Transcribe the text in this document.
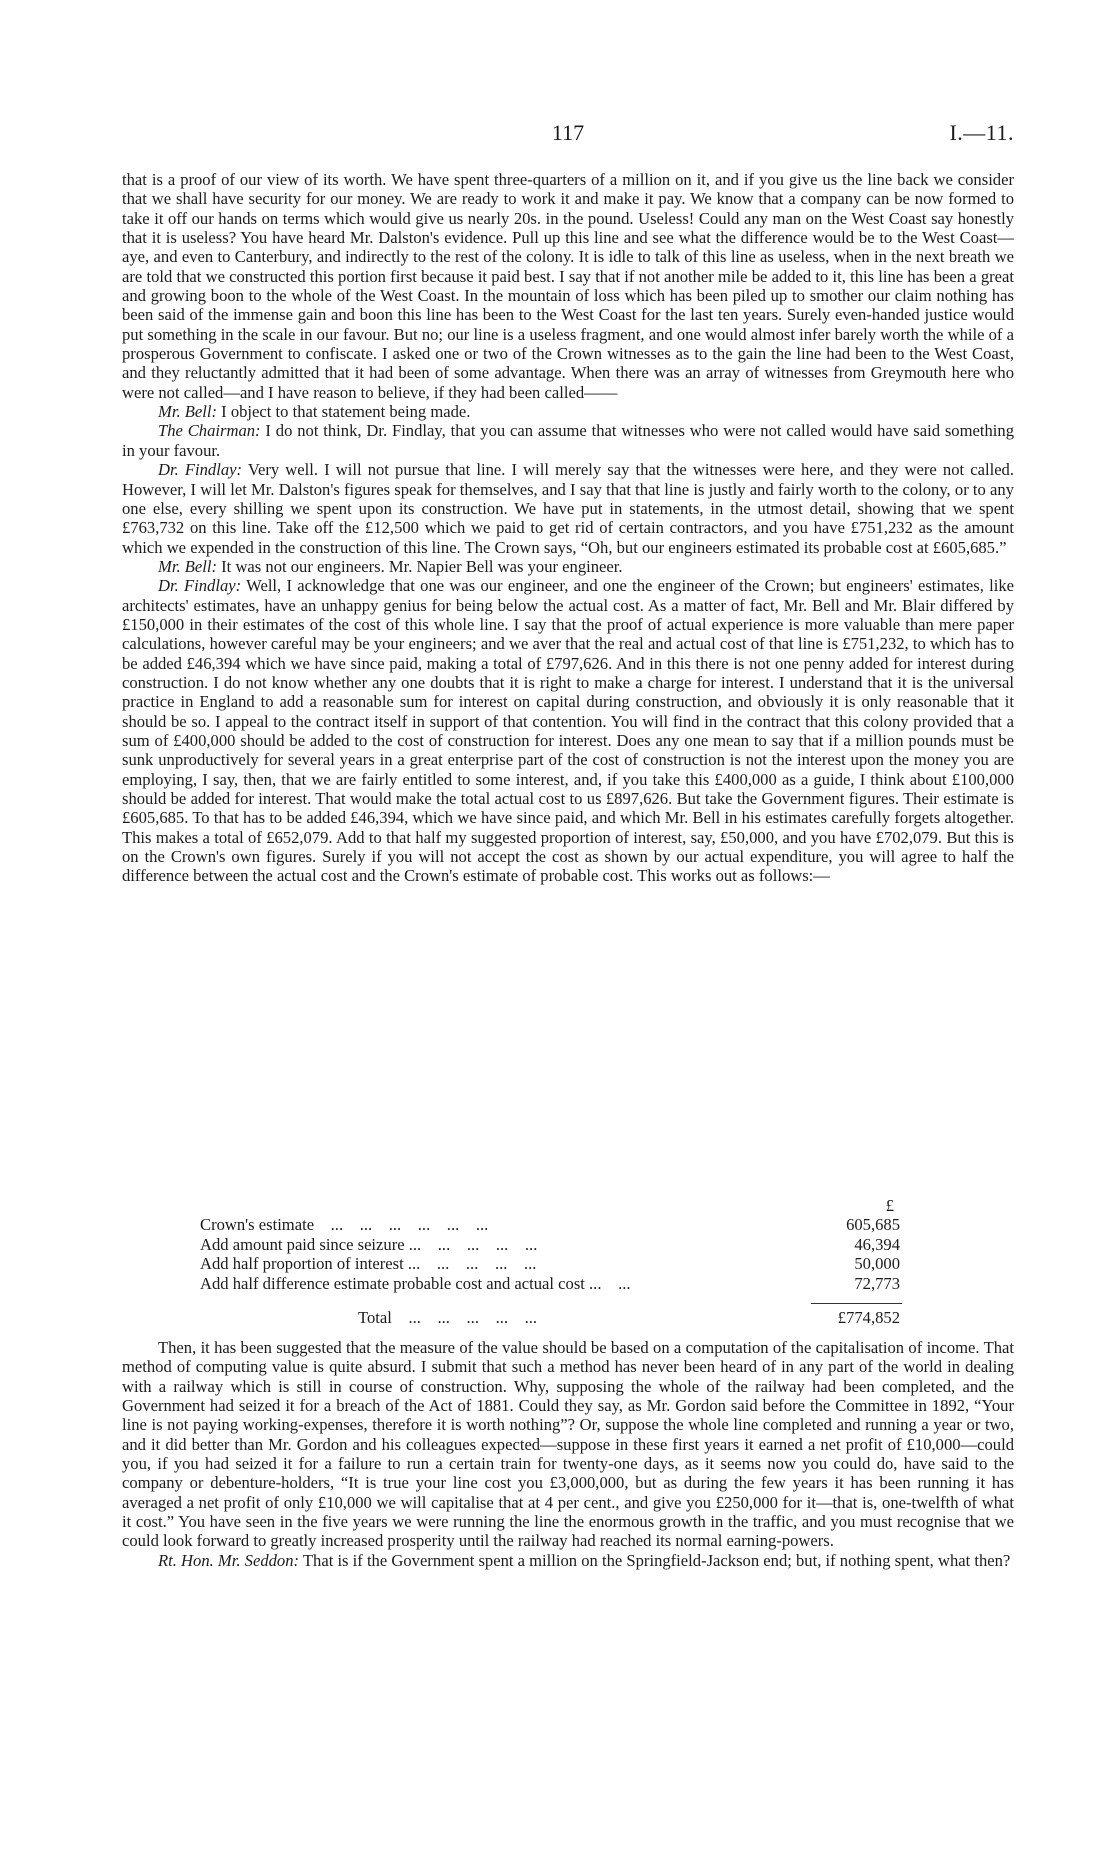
117	I.—11.

that is a proof of our view of its worth. We have spent three-quarters of a million on it, and if you give us the line back we consider that we shall have security for our money. We are ready to work it and make it pay. We know that a company can be now formed to take it off our hands on terms which would give us nearly 20s. in the pound. Useless! Could any man on the West Coast say honestly that it is useless? You have heard Mr. Dalston's evidence. Pull up this line and see what the difference would be to the West Coast—aye, and even to Canterbury, and indirectly to the rest of the colony. It is idle to talk of this line as useless, when in the next breath we are told that we constructed this portion first because it paid best. I say that if not another mile be added to it, this line has been a great and growing boon to the whole of the West Coast. In the mountain of loss which has been piled up to smother our claim nothing has been said of the immense gain and boon this line has been to the West Coast for the last ten years. Surely even-handed justice would put something in the scale in our favour. But no; our line is a useless fragment, and one would almost infer barely worth the while of a prosperous Government to confiscate. I asked one or two of the Crown witnesses as to the gain the line had been to the West Coast, and they reluctantly admitted that it had been of some advantage. When there was an array of witnesses from Greymouth here who were not called—and I have reason to believe, if they had been called——

Mr. Bell: I object to that statement being made.

The Chairman: I do not think, Dr. Findlay, that you can assume that witnesses who were not called would have said something in your favour.

Dr. Findlay: Very well. I will not pursue that line. I will merely say that the witnesses were here, and they were not called. However, I will let Mr. Dalston's figures speak for themselves, and I say that that line is justly and fairly worth to the colony, or to any one else, every shilling we spent upon its construction. We have put in statements, in the utmost detail, showing that we spent £763,732 on this line. Take off the £12,500 which we paid to get rid of certain contractors, and you have £751,232 as the amount which we expended in the construction of this line. The Crown says, “Oh, but our engineers estimated its probable cost at £605,685.”

Mr. Bell: It was not our engineers. Mr. Napier Bell was your engineer.

Dr. Findlay: Well, I acknowledge that one was our engineer, and one the engineer of the Crown; but engineers' estimates, like architects' estimates, have an unhappy genius for being below the actual cost. As a matter of fact, Mr. Bell and Mr. Blair differed by £150,000 in their estimates of the cost of this whole line. I say that the proof of actual experience is more valuable than mere paper calculations, however careful may be your engineers; and we aver that the real and actual cost of that line is £751,232, to which has to be added £46,394 which we have since paid, making a total of £797,626. And in this there is not one penny added for interest during construction. I do not know whether any one doubts that it is right to make a charge for interest. I understand that it is the universal practice in England to add a reasonable sum for interest on capital during construction, and obviously it is only reasonable that it should be so. I appeal to the contract itself in support of that contention. You will find in the contract that this colony provided that a sum of £400,000 should be added to the cost of construction for interest. Does any one mean to say that if a million pounds must be sunk unproductively for several years in a great enterprise part of the cost of construction is not the interest upon the money you are employing, I say, then, that we are fairly entitled to some interest, and, if you take this £400,000 as a guide, I think about £100,000 should be added for interest. That would make the total actual cost to us £897,626. But take the Government figures. Their estimate is £605,685. To that has to be added £46,394, which we have since paid, and which Mr. Bell in his estimates carefully forgets altogether. This makes a total of £652,079. Add to that half my suggested proportion of interest, say, £50,000, and you have £702,079. But this is on the Crown's own figures. Surely if you will not accept the cost as shown by our actual expenditure, you will agree to half the difference between the actual cost and the Crown's estimate of probable cost. This works out as follows:—

£
Crown's estimate    ...    ...    ...    ...    ...    ...	605,685
Add amount paid since seizure ...    ...    ...    ...    ...	46,394
Add half proportion of interest ...    ...    ...    ...    ...	50,000
Add half difference estimate probable cost and actual cost ...    ...	72,773
Total    ...    ...    ...    ...    ...	£774,852

Then, it has been suggested that the measure of the value should be based on a computation of the capitalisation of income. That method of computing value is quite absurd. I submit that such a method has never been heard of in any part of the world in dealing with a railway which is still in course of construction. Why, supposing the whole of the railway had been completed, and the Government had seized it for a breach of the Act of 1881. Could they say, as Mr. Gordon said before the Committee in 1892, “Your line is not paying working-expenses, therefore it is worth nothing”? Or, suppose the whole line completed and running a year or two, and it did better than Mr. Gordon and his colleagues expected—suppose in these first years it earned a net profit of £10,000—could you, if you had seized it for a failure to run a certain train for twenty-one days, as it seems now you could do, have said to the company or debenture-holders, “It is true your line cost you £3,000,000, but as during the few years it has been running it has averaged a net profit of only £10,000 we will capitalise that at 4 per cent., and give you £250,000 for it—that is, one-twelfth of what it cost.” You have seen in the five years we were running the line the enormous growth in the traffic, and you must recognise that we could look forward to greatly increased prosperity until the railway had reached its normal earning-powers.

Rt. Hon. Mr. Seddon: That is if the Government spent a million on the Springfield-Jackson end; but, if nothing spent, what then?
